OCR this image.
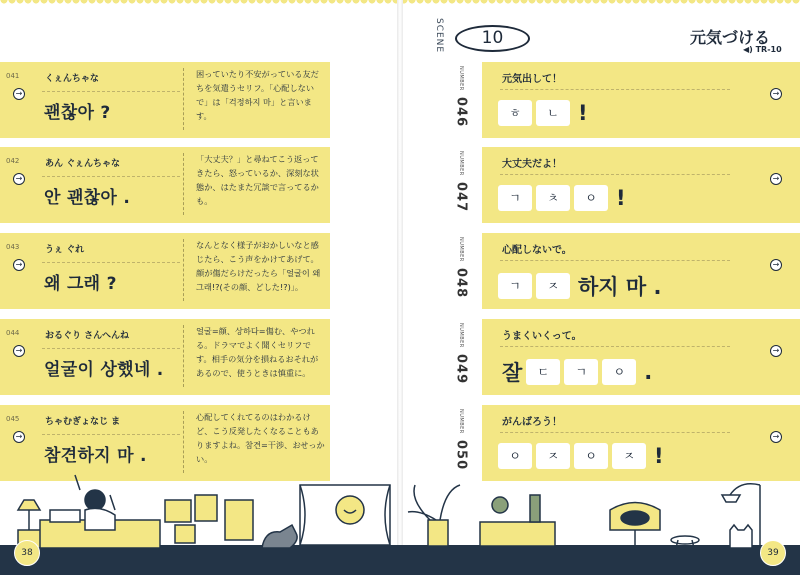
041
→
くぇんちゃな
괜찮아 ?

困っていたり不安がっている友だちを気遣うセリフ。「心配しないで」は「걱정하지 마」と言います。

042
→
あん ぐぇんちゃな
안 괜찮아 .

「大丈夫？」と尋ねてこう返ってきたら、怒っているか、深刻な状態か、はたまた冗談で言ってるかも。

043
→
うぇ ぐれ
왜 그래 ?

なんとなく様子がおかしいなと感じたら、こう声をかけてあげて。顔が傷だらけだったら「얼굴이 왜 그래!?(その顔、どした!?)」。

044
→
おるぐり さんへんね
얼굴이 상했네 .

얼굴=顔、상하다=傷む、やつれる。ドラマでよく聞くセリフです。相手の気分を損ねるおそれがあるので、使うときは慎重に。

045
→
ちゃむぎょなじ ま
참견하지 마 .

心配してくれてるのはわかるけど、こう反発したくなることもありますよね。참견=干渉、おせっかい。

SCENE	10	元気づける
◀) TR-10
NUMBER
046
元気出して！
ㅎ	ㄴ !
→
NUMBER
047
大丈夫だよ！
ㄱ	ㅊ	ㅇ !
→
NUMBER
048
心配しないで。
ㄱ	ㅈ 하지 마 .
→
NUMBER
049
うまくいくって。
잘	ㄷ	ㄱ	ㅇ .
→
NUMBER
050
がんばろう！
ㅇ	ㅈ	ㅇ	ㅈ !
→
38	39
